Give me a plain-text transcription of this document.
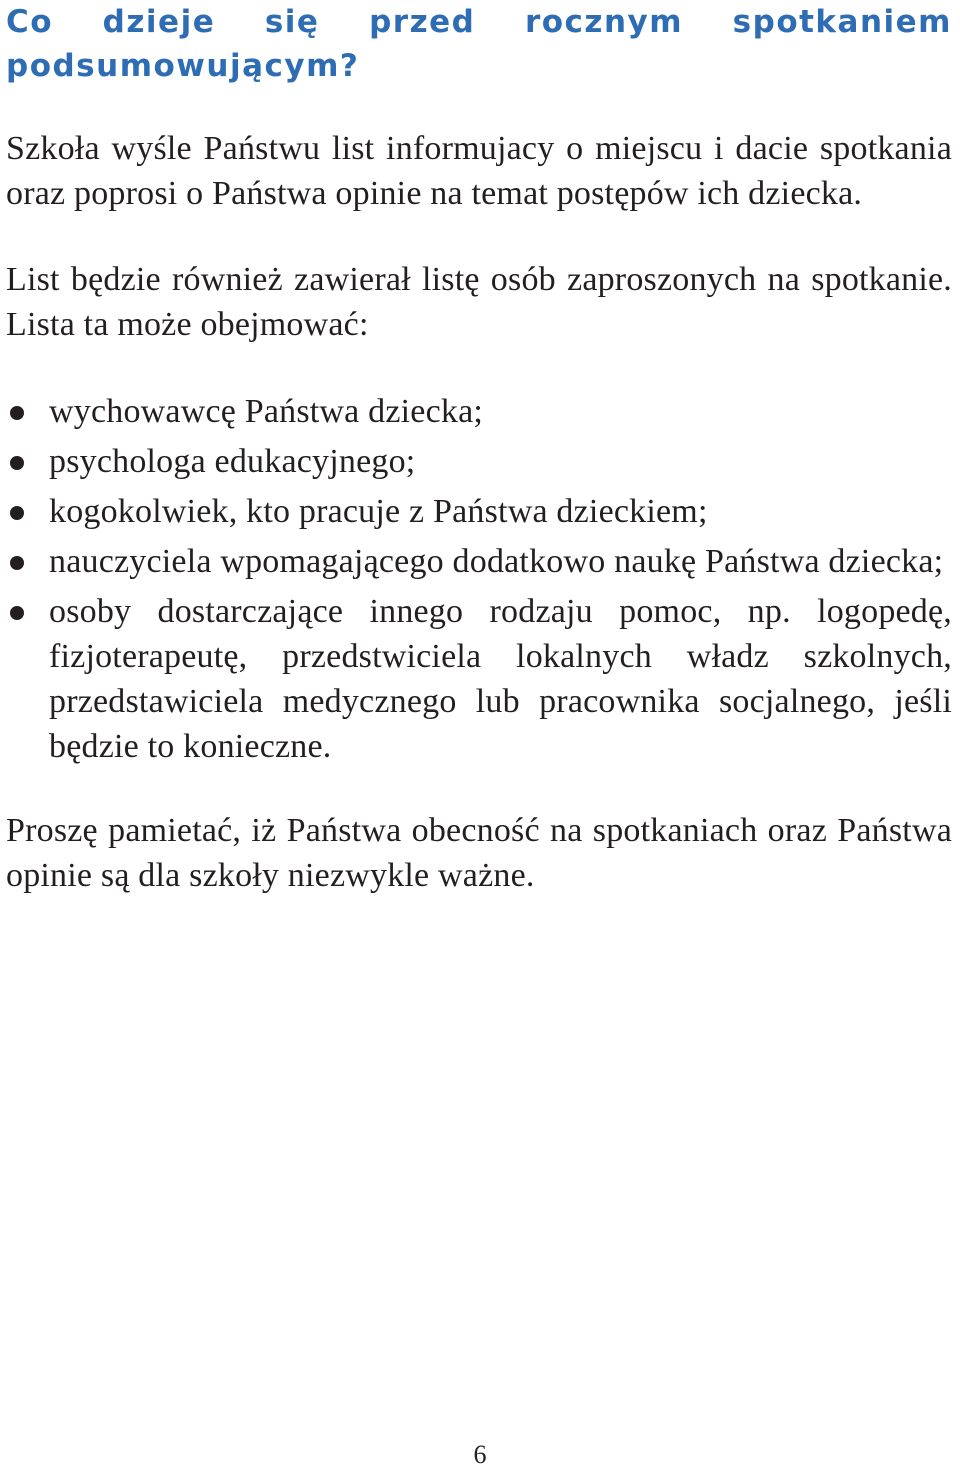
Co dzieje się przed rocznym spotkaniem
podsumowującym?

Szkoła wyśle Państwu list informujacy o miejscu i dacie spotkania oraz poprosi o Państwa opinie na temat postępów ich dziecka.

List będzie również zawierał listę osób zaproszonych na spotkanie. Lista ta może obejmować:

wychowawcę Państwa dziecka;
psychologa edukacyjnego;
kogokolwiek, kto pracuje z Państwa dzieckiem;
nauczyciela wpomagającego dodatkowo naukę Państwa dziecka;
osoby dostarczające innego rodzaju pomoc, np. logopedę, fizjoterapeutę, przedstwiciela lokalnych władz szkolnych, przedstawiciela medycznego lub pracownika socjalnego, jeśli będzie to konieczne.

Proszę pamietać, iż Państwa obecność na spotkaniach oraz Państwa opinie są dla szkoły niezwykle ważne.

6
